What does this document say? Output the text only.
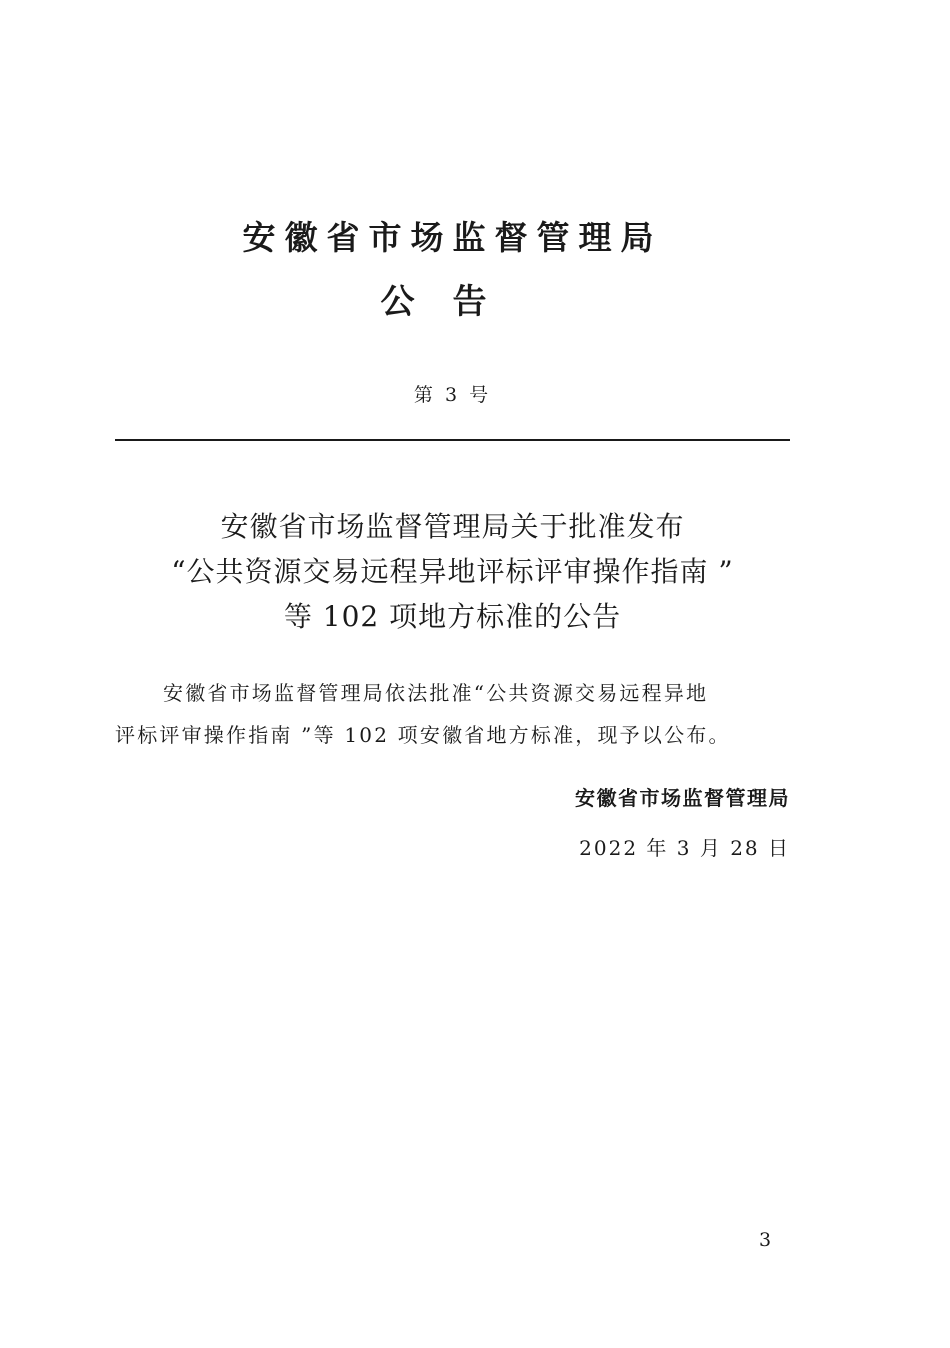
安徽省市场监督管理局
公告
第 3 号
安徽省市场监督管理局关于批准发布
“公共资源交易远程异地评标评审操作指南 ”
等 102 项地方标准的公告
安徽省市场监督管理局依法批准“公共资源交易远程异地
评标评审操作指南 ”等 102 项安徽省地方标准，现予以公布。
安徽省市场监督管理局
2022 年 3 月 28 日
3
